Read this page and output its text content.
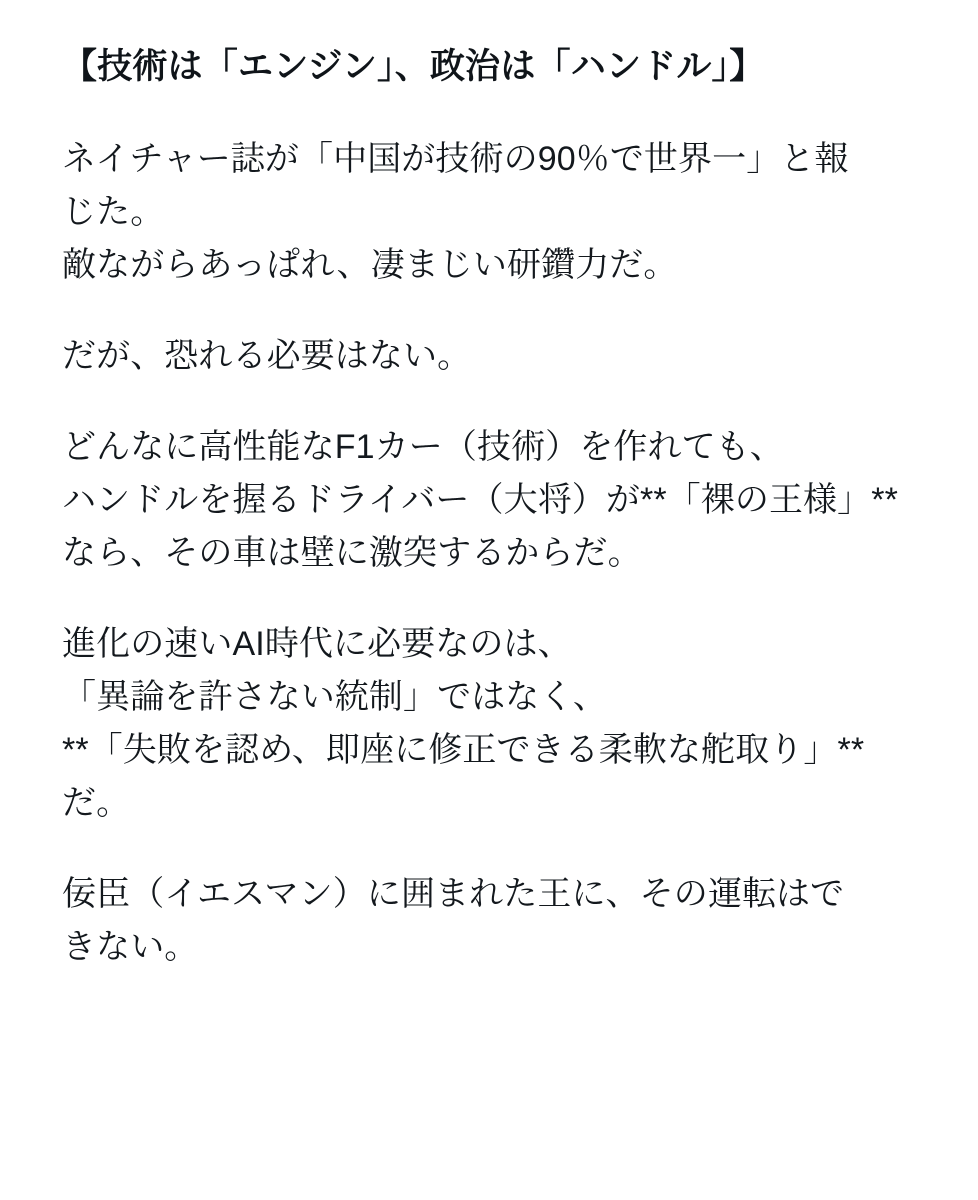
【技術は「エンジン」、政治は「ハンドル」】

ネイチャー誌が「中国が技術の90％で世界一」と報
じた。
敵ながらあっぱれ、凄まじい研鑽力だ。

だが、恐れる必要はない。

どんなに高性能なF1カー（技術）を作れても、
ハンドルを握るドライバー（大将）が**「裸の王様」**
なら、その車は壁に激突するからだ。

進化の速いAI時代に必要なのは、
「異論を許さない統制」ではなく、
**「失敗を認め、即座に修正できる柔軟な舵取り」**
だ。

佞臣（イエスマン）に囲まれた王に、その運転はで
きない。
